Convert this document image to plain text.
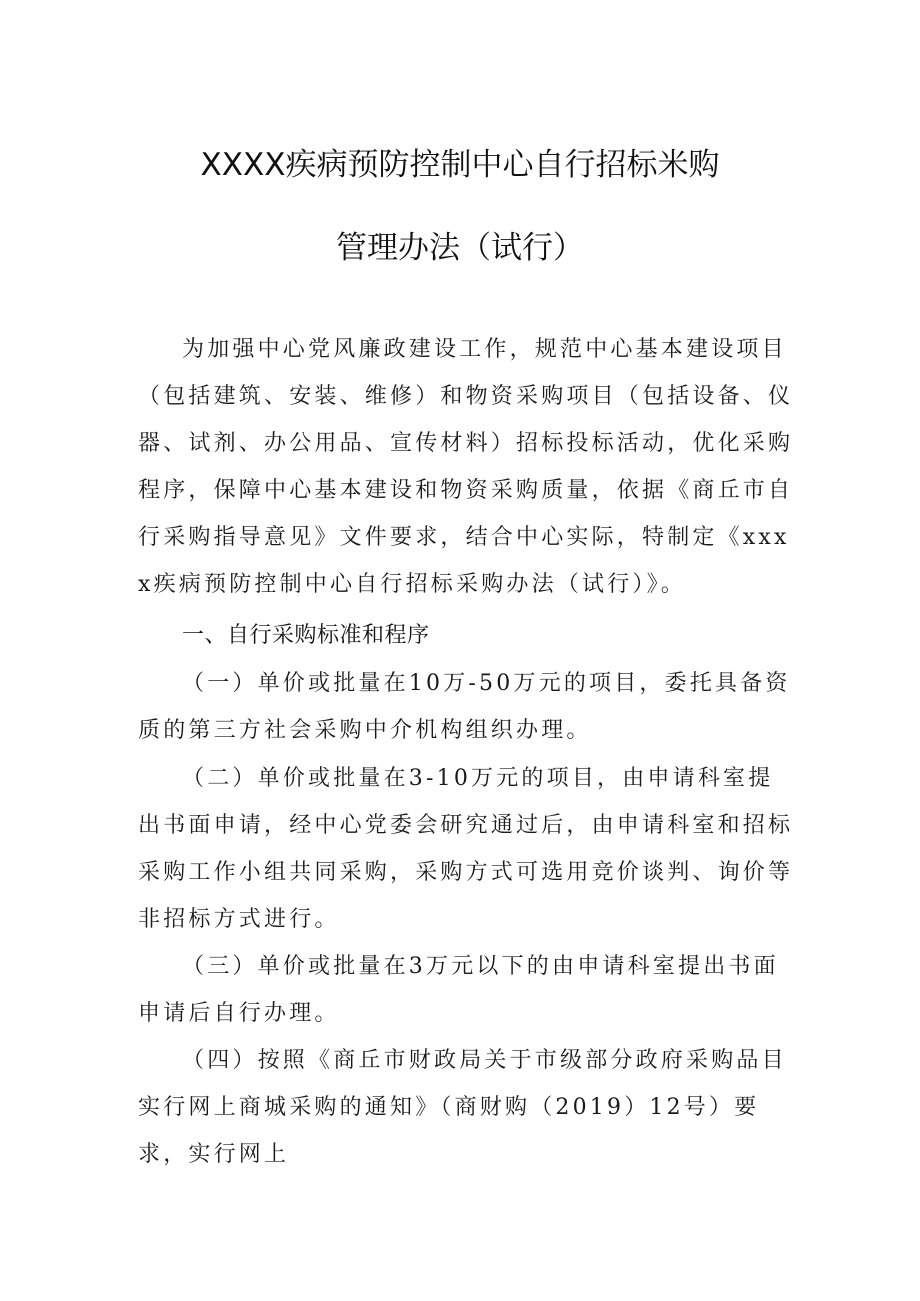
XXXX疾病预防控制中心自行招标米购
管理办法（试行）

为加强中心党风廉政建设工作，规范中心基本建设项目（包括建筑、安装、维修）和物资采购项目（包括设备、仪器、试剂、办公用品、宣传材料）招标投标活动，优化采购程序，保障中心基本建设和物资采购质量，依据《商丘市自行采购指导意见》文件要求，结合中心实际，特制定《xxxx疾病预防控制中心自行招标采购办法（试行）》。

一、自行采购标准和程序

（一）单价或批量在10万-50万元的项目，委托具备资质的第三方社会采购中介机构组织办理。

（二）单价或批量在3-10万元的项目，由申请科室提出书面申请，经中心党委会研究通过后，由申请科室和招标采购工作小组共同采购，采购方式可选用竞价谈判、询价等非招标方式进行。

（三）单价或批量在3万元以下的由申请科室提出书面申请后自行办理。

（四）按照《商丘市财政局关于市级部分政府采购品目实行网上商城采购的通知》（商财购（2019）12号）要求，实行网上
